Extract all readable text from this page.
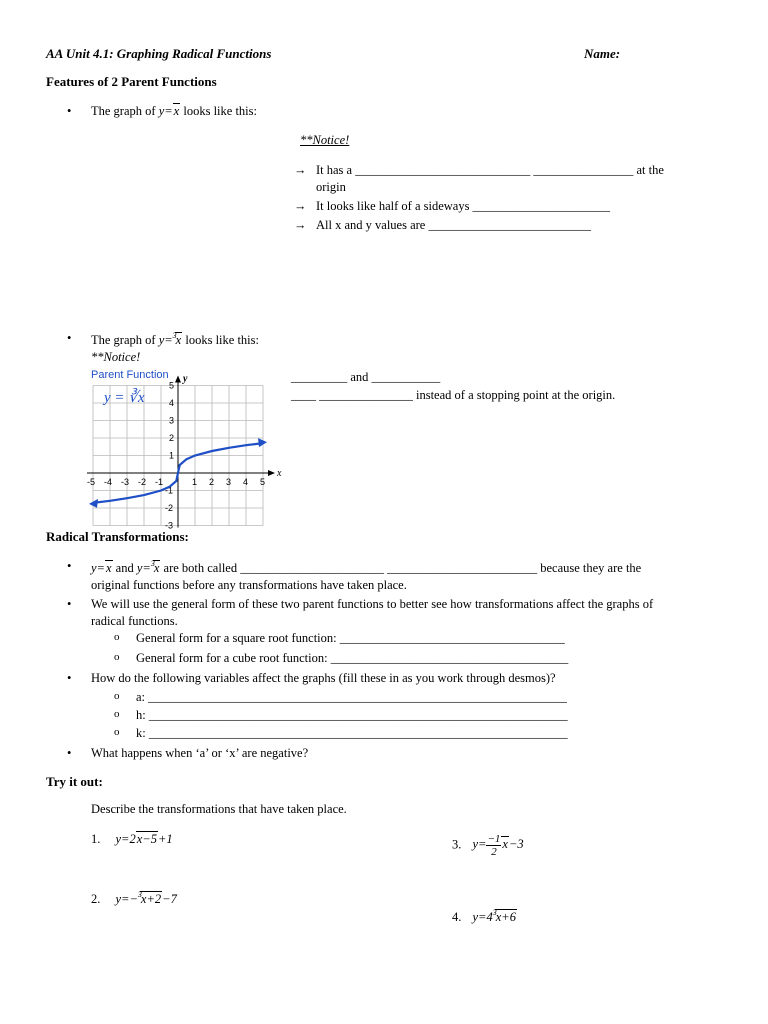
AA Unit 4.1: Graphing Radical Functions	Name:
Features of 2 Parent Functions
• The graph of y=x looks like this:
**Notice!
→ It has a ____________________________ ________________ at the
origin
→ It looks like half of a sideways ______________________
→ All x and y values are __________________________
• The graph of y=$^3$x looks like this:
**Notice!
-5 -4 -3 -2 -1	1 2 3 4 5
5
4
3
2
1
-1
-2
-3
x
y
Parent Function
y = ∛x
_________ and ___________
____ _______________ instead of a stopping point at the origin.
Radical Transformations:
• y=x and y=$^3$x are both called _______________________ ________________________ because they are the
original functions before any transformations have taken place.
• We will use the general form of these two parent functions to better see how transformations affect the graphs of
radical functions.
o General form for a square root function: ____________________________________
o General form for a cube root function: ______________________________________
• How do the following variables affect the graphs (fill these in as you work through desmos)?
o a: ___________________________________________________________________
o h: ___________________________________________________________________
o k: ___________________________________________________________________
• What happens when ‘a’ or ‘x’ are negative?
Try it out:
Describe the transformations that have taken place.
1. y=2x−5+1
2. y=−$^3$x+2−7
3. $y= \frac{-1}{2} x-3$
4. $y=4^3x+6$
